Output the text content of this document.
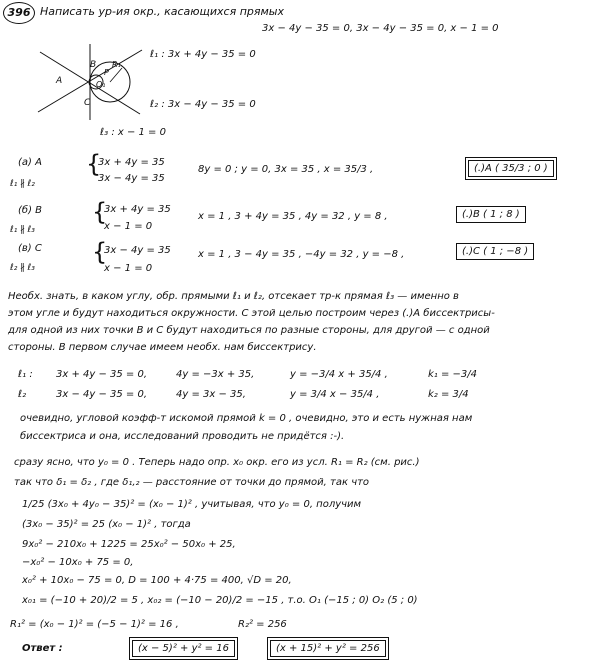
396 Написать ур-ия окр., касающихся прямых
3x − 4y − 35 = 0, 3x − 4y − 35 = 0, x − 1 = 0
A
B
C
O₁
P
R₁
ℓ₁ : 3x + 4y − 35 = 0
ℓ₂ : 3x − 4y − 35 = 0
ℓ₃ : x − 1 = 0
(a) A
ℓ₁ ∦ ℓ₂
{
3x + 4y = 35
3x − 4y = 35
8y = 0 ; y = 0, 3x = 35 , x = 35/3 ,	(.)A ( 35/3 ; 0 )
(б) B
ℓ₁ ∦ ℓ₃
{
3x + 4y = 35
x − 1 = 0
x = 1 , 3 + 4y = 35 , 4y = 32 , y = 8 ,	(.)B ( 1 ; 8 )
(в) C
ℓ₂ ∦ ℓ₃
{
3x − 4y = 35
x − 1 = 0
x = 1 , 3 − 4y = 35 , −4y = 32 , y = −8 ,	(.)C ( 1 ; −8 )
Необх. знать, в каком углу, обр. прямыми ℓ₁ и ℓ₂, отсекает тр-к прямая ℓ₃ — именно в
этом угле и будут находиться окружности. С этой целью построим через (.)A биссектрисы-
для одной из них точки B и C будут находиться по разные стороны, для другой — с одной
стороны. В первом случае имеем необх. нам биссектрису.
ℓ₁ : 3x + 4y − 35 = 0,	4y = −3x + 35,	y = −3/4 x + 35/4 ,	k₁ = −3/4
ℓ₂	3x − 4y − 35 = 0,	4y = 3x − 35,	y = 3/4 x − 35/4 ,	k₂ = 3/4
очевидно, угловой коэфф-т искомой прямой k = 0 , очевидно, это и есть нужная нам
биссектриса и она, исследований проводить не придётся :-).
сразу ясно, что y₀ = 0 . Теперь надо опр. x₀ окр. его из усл. R₁ = R₂ (см. рис.)
так что δ₁ = δ₂ , где δ₁,₂ — расстояние от точки до прямой, так что
1/25 (3x₀ + 4y₀ − 35)² = (x₀ − 1)² , учитывая, что y₀ = 0, получим
(3x₀ − 35)² = 25 (x₀ − 1)² , тогда
9x₀² − 210x₀ + 1225 = 25x₀² − 50x₀ + 25,
−x₀² − 10x₀ + 75 = 0,
x₀² + 10x₀ − 75 = 0, D = 100 + 4·75 = 400, √D = 20,
x₀₁ = (−10 + 20)/2 = 5 , x₀₂ = (−10 − 20)/2 = −15 , т.о. O₁ (−15 ; 0) O₂ (5 ; 0)
R₁² = (x₀ − 1)² = (−5 − 1)² = 16 ,	R₂² = 256
Ответ :	(x − 5)² + y² = 16	(x + 15)² + y² = 256
